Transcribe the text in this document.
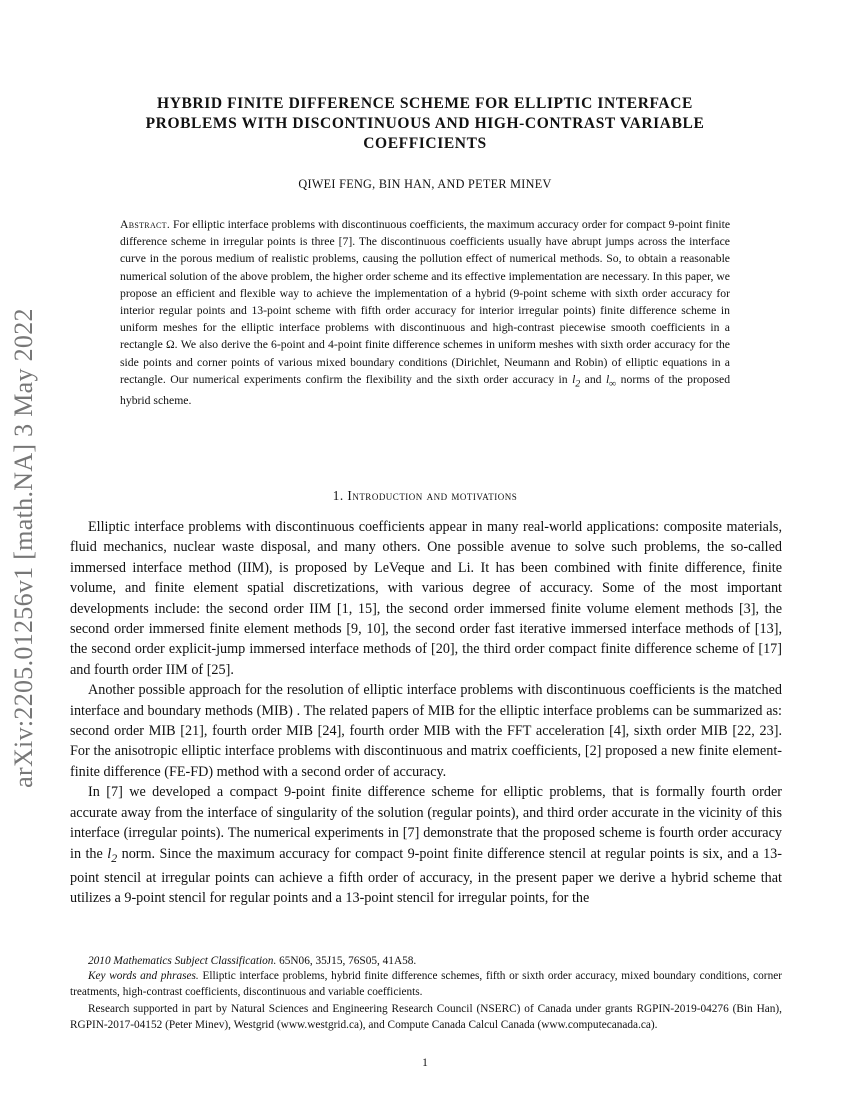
arXiv:2205.01256v1 [math.NA] 3 May 2022
HYBRID FINITE DIFFERENCE SCHEME FOR ELLIPTIC INTERFACE
PROBLEMS WITH DISCONTINUOUS AND HIGH-CONTRAST VARIABLE
COEFFICIENTS
QIWEI FENG, BIN HAN, AND PETER MINEV
Abstract. For elliptic interface problems with discontinuous coefficients, the maximum accuracy order for compact 9-point finite difference scheme in irregular points is three [7]. The discontinuous coefficients usually have abrupt jumps across the interface curve in the porous medium of realistic problems, causing the pollution effect of numerical methods. So, to obtain a reasonable numerical solution of the above problem, the higher order scheme and its effective implementation are necessary. In this paper, we propose an efficient and flexible way to achieve the implementation of a hybrid (9-point scheme with sixth order accuracy for interior regular points and 13-point scheme with fifth order accuracy for interior irregular points) finite difference scheme in uniform meshes for the elliptic interface problems with discontinuous and high-contrast piecewise smooth coefficients in a rectangle Ω. We also derive the 6-point and 4-point finite difference schemes in uniform meshes with sixth order accuracy for the side points and corner points of various mixed boundary conditions (Dirichlet, Neumann and Robin) of elliptic equations in a rectangle. Our numerical experiments confirm the flexibility and the sixth order accuracy in $l_2$ and $l_\infty$ norms of the proposed hybrid scheme.
1. Introduction and motivations

Elliptic interface problems with discontinuous coefficients appear in many real-world applications: composite materials, fluid mechanics, nuclear waste disposal, and many others. One possible avenue to solve such problems, the so-called immersed interface method (IIM), is proposed by LeVeque and Li. It has been combined with finite difference, finite volume, and finite element spatial discretizations, with various degree of accuracy. Some of the most important developments include: the second order IIM [1, 15], the second order immersed finite volume element methods [3], the second order immersed finite element methods [9, 10], the second order fast iterative immersed interface methods of [13], the second order explicit-jump immersed interface methods of [20], the third order compact finite difference scheme of [17] and fourth order IIM of [25].

Another possible approach for the resolution of elliptic interface problems with discontinuous coefficients is the matched interface and boundary methods (MIB) . The related papers of MIB for the elliptic interface problems can be summarized as: second order MIB [21], fourth order MIB [24], fourth order MIB with the FFT acceleration [4], sixth order MIB [22, 23]. For the anisotropic elliptic interface problems with discontinuous and matrix coefficients, [2] proposed a new finite element-finite difference (FE-FD) method with a second order of accuracy.

In [7] we developed a compact 9-point finite difference scheme for elliptic problems, that is formally fourth order accurate away from the interface of singularity of the solution (regular points), and third order accurate in the vicinity of this interface (irregular points). The numerical experiments in [7] demonstrate that the proposed scheme is fourth order accuracy in the $l_2$ norm. Since the maximum accuracy for compact 9-point finite difference stencil at regular points is six, and a 13-point stencil at irregular points can achieve a fifth order of accuracy, in the present paper we derive a hybrid scheme that utilizes a 9-point stencil for regular points and a 13-point stencil for irregular points, for the

2010 Mathematics Subject Classification. 65N06, 35J15, 76S05, 41A58.

Key words and phrases. Elliptic interface problems, hybrid finite difference schemes, fifth or sixth order accuracy, mixed boundary conditions, corner treatments, high-contrast coefficients, discontinuous and variable coefficients.

Research supported in part by Natural Sciences and Engineering Research Council (NSERC) of Canada under grants RGPIN-2019-04276 (Bin Han), RGPIN-2017-04152 (Peter Minev), Westgrid (www.westgrid.ca), and Compute Canada Calcul Canada (www.computecanada.ca).

1
